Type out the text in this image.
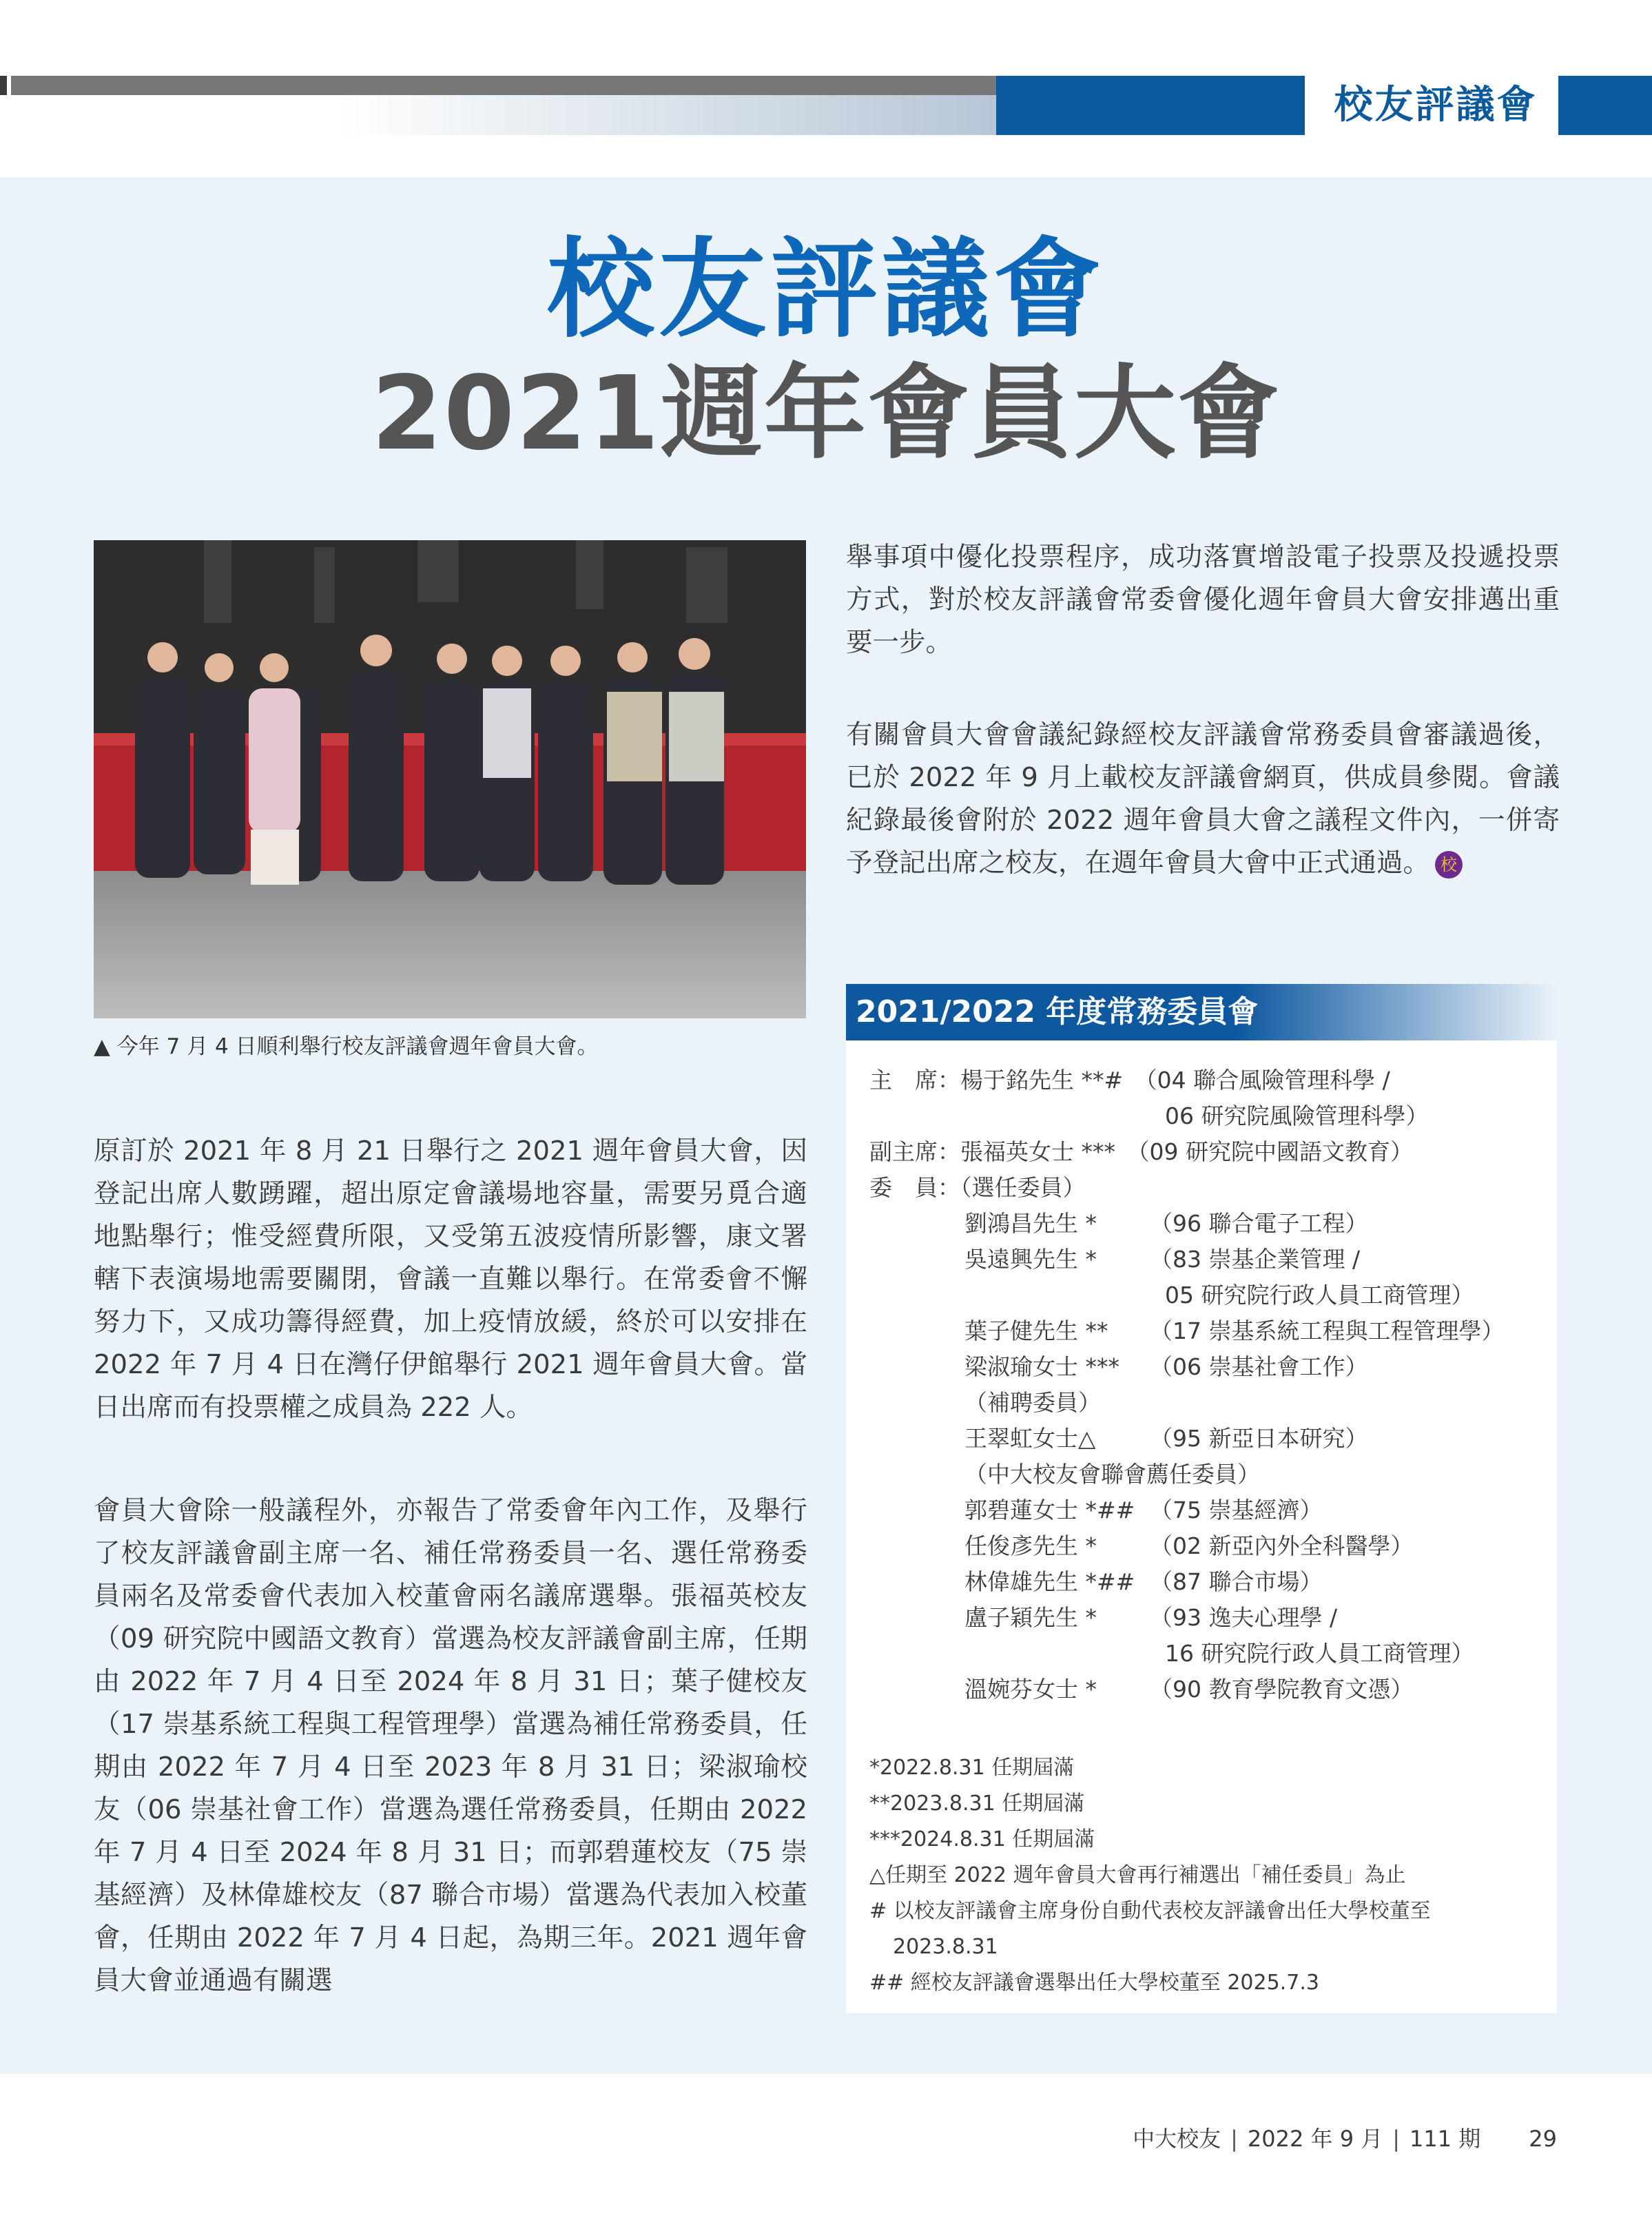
校友評議會
校友評議會
2021週年會員大會
▲ 今年 7 月 4 日順利舉行校友評議會週年會員大會。

原訂於 2021 年 8 月 21 日舉行之 2021 週年會員大會，因登記出席人數踴躍，超出原定會議場地容量，需要另覓合適地點舉行；惟受經費所限，又受第五波疫情所影響，康文署轄下表演場地需要關閉，會議一直難以舉行。在常委會不懈努力下，又成功籌得經費，加上疫情放緩，終於可以安排在 2022 年 7 月 4 日在灣仔伊館舉行 2021 週年會員大會。當日出席而有投票權之成員為 222 人。

會員大會除一般議程外，亦報告了常委會年內工作，及舉行了校友評議會副主席一名、補任常務委員一名、選任常務委員兩名及常委會代表加入校董會兩名議席選舉。張福英校友（09 研究院中國語文教育）當選為校友評議會副主席，任期由 2022 年 7 月 4 日至 2024 年 8 月 31 日；葉子健校友（17 崇基系統工程與工程管理學）當選為補任常務委員，任期由 2022 年 7 月 4 日至 2023 年 8 月 31 日；梁淑瑜校友（06 崇基社會工作）當選為選任常務委員，任期由 2022 年 7 月 4 日至 2024 年 8 月 31 日；而郭碧蓮校友（75 崇基經濟）及林偉雄校友（87 聯合市場）當選為代表加入校董會，任期由 2022 年 7 月 4 日起，為期三年。2021 週年會員大會並通過有關選

舉事項中優化投票程序，成功落實增設電子投票及投遞投票方式，對於校友評議會常委會優化週年會員大會安排邁出重要一步。

有關會員大會會議紀錄經校友評議會常務委員會審議過後，已於 2022 年 9 月上載校友評議會網頁，供成員參閱。會議紀錄最後會附於 2022 週年會員大會之議程文件內，一併寄予登記出席之校友，在週年會員大會中正式通過。 校

2021/2022 年度常務委員會
主　席：楊于銘先生 **#　（04 聯合風險管理科學 /
06 研究院風險管理科學）
副主席：張福英女士 ***　（09 研究院中國語文教育）
委　員：（選任委員）
劉鴻昌先生 * （96 聯合電子工程）
吳遠興先生 * （83 崇基企業管理 /
05 研究院行政人員工商管理）
葉子健先生 ** （17 崇基系統工程與工程管理學）
梁淑瑜女士 *** （06 崇基社會工作）
（補聘委員）
王翠虹女士△ （95 新亞日本研究）
（中大校友會聯會薦任委員）
郭碧蓮女士 *## （75 崇基經濟）
任俊彥先生 * （02 新亞內外全科醫學）
林偉雄先生 *## （87 聯合市場）
盧子穎先生 * （93 逸夫心理學 /
16 研究院行政人員工商管理）
溫婉芬女士 * （90 教育學院教育文憑）
*2022.8.31 任期屆滿
**2023.8.31 任期屆滿
***2024.8.31 任期屆滿
△任期至 2022 週年會員大會再行補選出「補任委員」為止
# 以校友評議會主席身份自動代表校友評議會出任大學校董至
2023.8.31
## 經校友評議會選舉出任大學校董至 2025.7.3
中大校友 | 2022 年 9 月 | 111 期 29
